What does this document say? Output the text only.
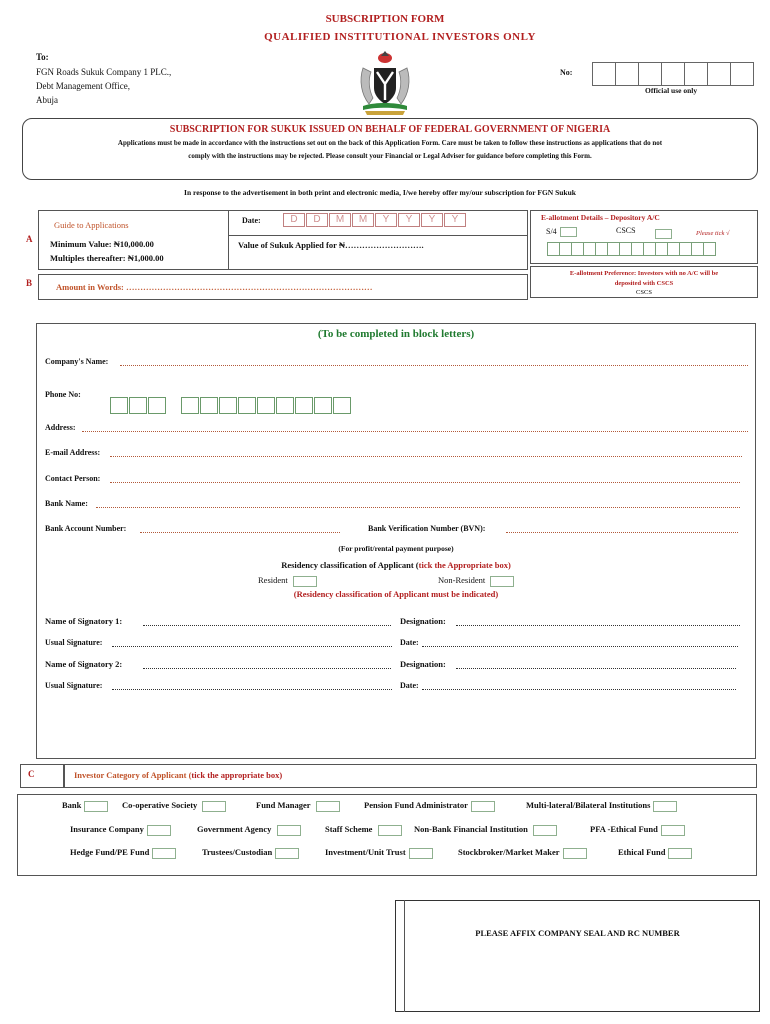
SUBSCRIPTION FORM
QUALIFIED INSTITUTIONAL INVESTORS ONLY
To:
FGN Roads Sukuk Company 1 PLC.,
Debt Management Office,
Abuja
No:
Official use only
SUBSCRIPTION FOR SUKUK ISSUED ON BEHALF OF FEDERAL GOVERNMENT OF NIGERIA
Applications must be made in accordance with the instructions set out on the back of this Application Form. Care must be taken to follow these instructions as applications that do not
comply with the instructions may be rejected. Please consult your Financial or Legal Adviser for guidance before completing this Form.
In response to the advertisement in both print and electronic media, I/we hereby offer my/our subscription for FGN Sukuk
A
Guide to Applications
Minimum Value: ₦10,000.00
Multiples thereafter: ₦1,000.00
Date:	D D M M Y Y Y Y
Value of Sukuk Applied for ₦……………………….
E-allotment Details – Depository A/C
S/4	CSCS	Please tick √
B	Amount in Words: ……………………………………………………………………………
E-allotment Preference: Investors with no A/C will be
deposited with CSCS
CSCS
(To be completed in block letters)
Company's Name:
Phone No:
Address:
E-mail Address:
Contact Person:
Bank Name:
Bank Account Number:	Bank Verification Number (BVN):
(For profit/rental payment purpose)
Residency classification of Applicant (tick the Appropriate box)
Resident	Non-Resident
(Residency classification of Applicant must be indicated)
Name of Signatory 1:	Designation:
Usual Signature:	Date:
Name of Signatory 2:	Designation:
Usual Signature:	Date:
C	Investor Category of Applicant (tick the appropriate box)
Bank	Co-operative Society	Fund Manager	Pension Fund Administrator	Multi-lateral/Bilateral Institutions
Insurance Company	Government Agency	Staff Scheme	Non-Bank Financial Institution	PFA -Ethical Fund
Hedge Fund/PE Fund	Trustees/Custodian	Investment/Unit Trust	Stockbroker/Market Maker	Ethical Fund
PLEASE AFFIX COMPANY SEAL AND RC NUMBER
